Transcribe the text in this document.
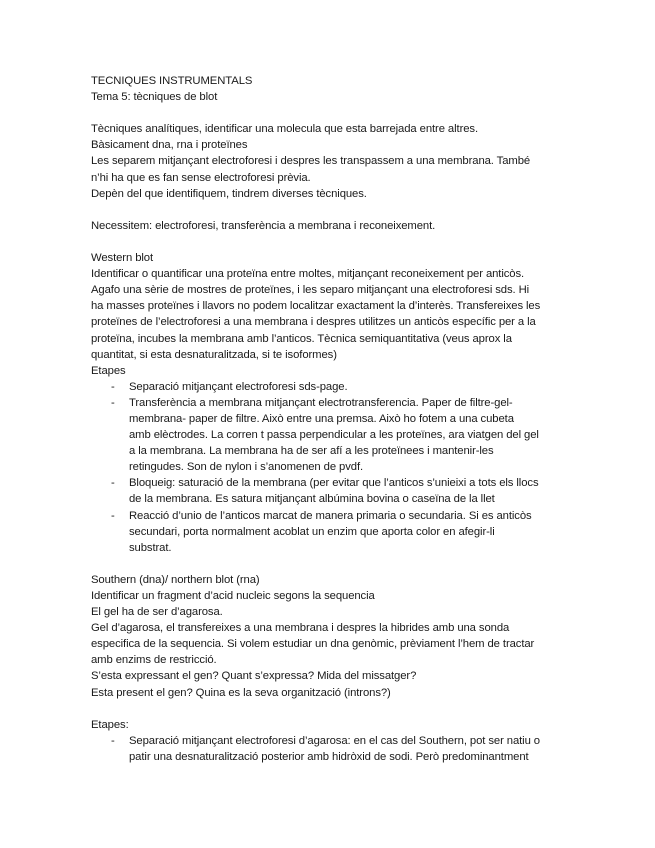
TECNIQUES INSTRUMENTALS
Tema 5: tècniques de blot
Tècniques analítiques, identificar una molecula que esta barrejada entre altres.
Bàsicament dna, rna i proteïnes
Les separem mitjançant electroforesi i despres les transpassem a una membrana. També
n’hi ha que es fan sense electroforesi prèvia.
Depèn del que identifiquem, tindrem diverses tècniques.
Necessitem: electroforesi, transferència a membrana i reconeixement.
Western blot
Identificar o quantificar una proteïna entre moltes, mitjançant reconeixement per anticòs.
Agafo una sèrie de mostres de proteïnes, i les separo mitjançant una electroforesi sds. Hi
ha masses proteïnes i llavors no podem localitzar exactament la d’interès. Transfereixes les
proteïnes de l’electroforesi a una membrana i despres utilitzes un anticòs específic per a la
proteïna, incubes la membrana amb l’anticos. Tècnica semiquantitativa (veus aprox la
quantitat, si esta desnaturalitzada, si te isoformes)
Etapes
- Separació mitjançant electroforesi sds-page.
- Transferència a membrana mitjançant electrotransferencia. Paper de filtre-gel-
membrana- paper de filtre. Això entre una premsa. Això ho fotem a una cubeta
amb elèctrodes. La corren t passa perpendicular a les proteïnes, ara viatgen del gel
a la membrana. La membrana ha de ser afí a les proteïnees i mantenir-les
retingudes. Son de nylon i s’anomenen de pvdf.
- Bloqueig: saturació de la membrana (per evitar que l’anticos s’unieixi a tots els llocs
de la membrana. Es satura mitjançant albúmina bovina o caseïna de la llet
- Reacció d’unio de l’anticos marcat de manera primaria o secundaria. Si es anticòs
secundari, porta normalment acoblat un enzim que aporta color en afegir-li
substrat.
Southern (dna)/ northern blot (rna)
Identificar un fragment d’acid nucleic segons la sequencia
El gel ha de ser d’agarosa.
Gel d’agarosa, el transfereixes a una membrana i despres la hibrides amb una sonda
especifica de la sequencia. Si volem estudiar un dna genòmic, prèviament l’hem de tractar
amb enzims de restricció.
S’esta expressant el gen? Quant s’expressa? Mida del missatger?
Esta present el gen? Quina es la seva organització (introns?)
Etapes:
- Separació mitjançant electroforesi d’agarosa: en el cas del Southern, pot ser natiu o
patir una desnaturalització posterior amb hidròxid de sodi. Però predominantment
